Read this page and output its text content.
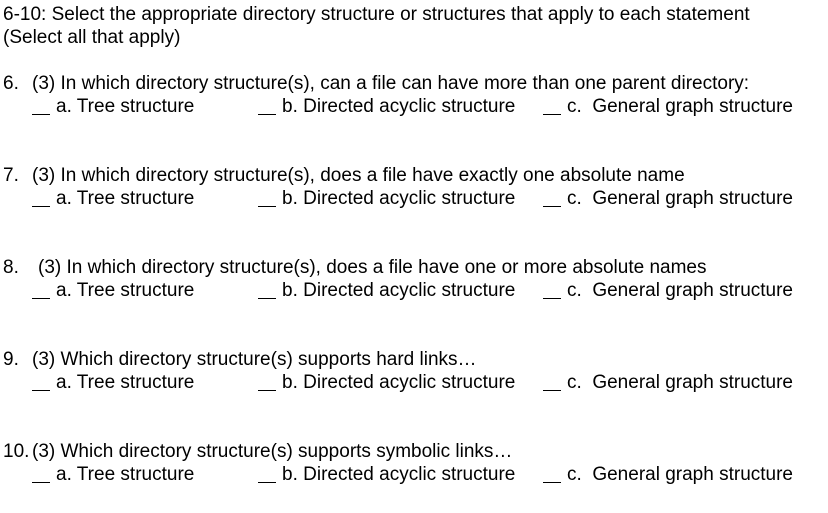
6-10: Select the appropriate directory structure or structures that apply to each statement
(Select all that apply)
6. (3) In which directory structure(s), can a file can have more than one parent directory:
a. Tree structure	b. Directed acyclic structure	c.  General graph structure
7. (3) In which directory structure(s), does a file have exactly one absolute name
a. Tree structure	b. Directed acyclic structure	c.  General graph structure
8. (3) In which directory structure(s), does a file have one or more absolute names
a. Tree structure	b. Directed acyclic structure	c.  General graph structure
9. (3) Which directory structure(s) supports hard links…
a. Tree structure	b. Directed acyclic structure	c.  General graph structure
10. (3) Which directory structure(s) supports symbolic links…
a. Tree structure	b. Directed acyclic structure	c.  General graph structure
